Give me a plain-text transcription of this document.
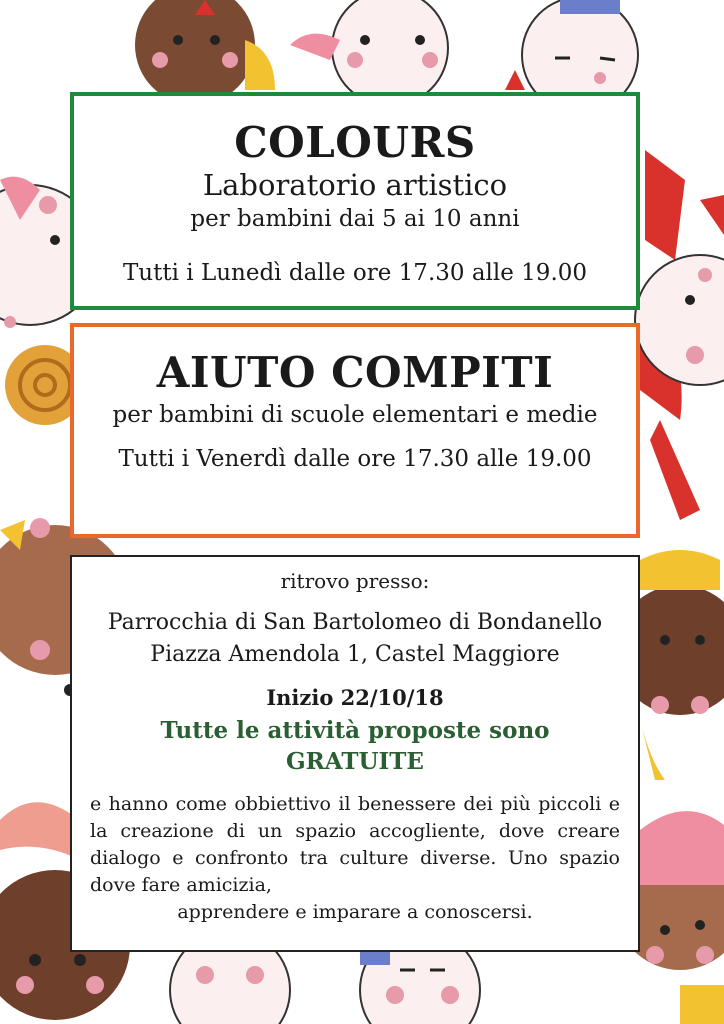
COLOURS
Laboratorio artistico
per bambini dai 5 ai 10 anni
Tutti i Lunedì dalle ore 17.30 alle 19.00
AIUTO COMPITI
per bambini di scuole elementari e medie
Tutti i Venerdì dalle ore 17.30 alle 19.00
ritrovo presso:
Parrocchia di San Bartolomeo di Bondanello
Piazza Amendola 1, Castel Maggiore
Inizio 22/10/18
Tutte le attività proposte sono
GRATUITE
e hanno come obbiettivo il benessere dei più piccoli e la creazione di un spazio accogliente, dove creare dialogo e confronto tra culture diverse. Uno spazio dove fare amicizia,
apprendere e imparare a conoscersi.
